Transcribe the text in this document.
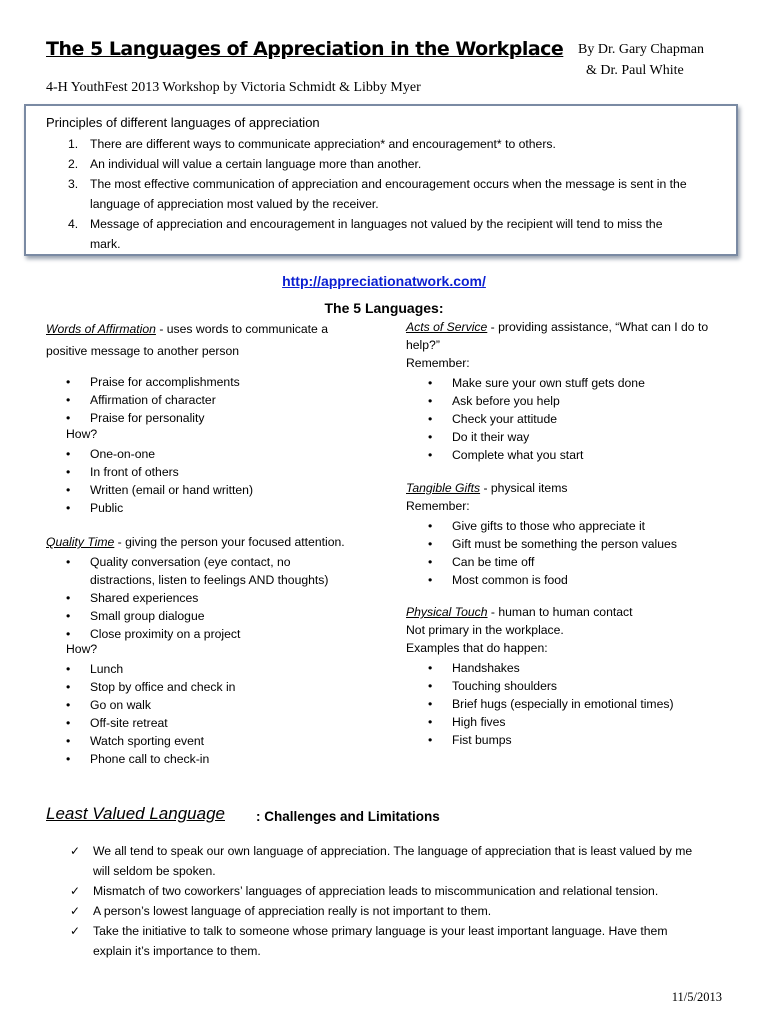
The 5 Languages of Appreciation in the Workplace By Dr. Gary Chapman
& Dr. Paul White
4-H YouthFest 2013 Workshop by Victoria Schmidt & Libby Myer
Principles of different languages of appreciation
1. There are different ways to communicate appreciation* and encouragement* to others.
2. An individual will value a certain language more than another.
3. The most effective communication of appreciation and encouragement occurs when the message is sent in the
language of appreciation most valued by the receiver.
4. Message of appreciation and encouragement in languages not valued by the recipient will tend to miss the
mark.
http://appreciationatwork.com/
The 5 Languages:
Words of Affirmation - uses words to communicate a
positive message to another person
• Praise for accomplishments
• Affirmation of character
• Praise for personality
How?
• One-on-one
• In front of others
• Written (email or hand written)
• Public
Quality Time - giving the person your focused attention.
• Quality conversation (eye contact, no
distractions, listen to feelings AND thoughts)
• Shared experiences
• Small group dialogue
• Close proximity on a project
How?
• Lunch
• Stop by office and check in
• Go on walk
• Off-site retreat
• Watch sporting event
• Phone call to check-in
Acts of Service - providing assistance, “What can I do to
help?”
Remember:
• Make sure your own stuff gets done
• Ask before you help
• Check your attitude
• Do it their way
• Complete what you start
Tangible Gifts - physical items
Remember:
• Give gifts to those who appreciate it
• Gift must be something the person values
• Can be time off
• Most common is food
Physical Touch - human to human contact
Not primary in the workplace.
Examples that do happen:
• Handshakes
• Touching shoulders
• Brief hugs (especially in emotional times)
• High fives
• Fist bumps
Least Valued Language : Challenges and Limitations
✓ We all tend to speak our own language of appreciation. The language of appreciation that is least valued by me
will seldom be spoken.
✓ Mismatch of two coworkers’ languages of appreciation leads to miscommunication and relational tension.
✓ A person’s lowest language of appreciation really is not important to them.
✓ Take the initiative to talk to someone whose primary language is your least important language. Have them
explain it’s importance to them.
11/5/2013
